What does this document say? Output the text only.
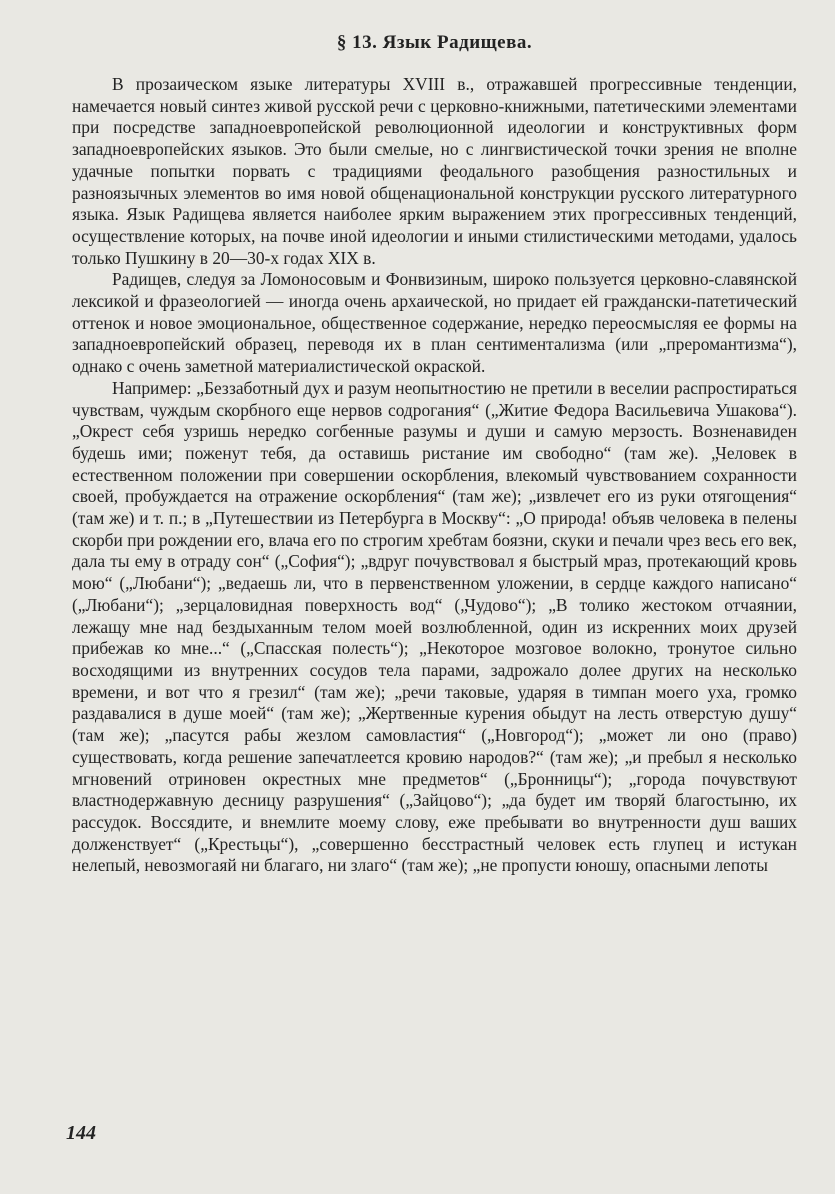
§ 13. Язык Радищева.

В прозаическом языке литературы XVIII в., отражавшей прогрессивные тенденции, намечается новый синтез живой русской речи с церковно-книжными, патетическими элементами при посредстве западноевропейской революционной идеологии и конструктивных форм западноевропейских языков. Это были смелые, но с лингвистической точки зрения не вполне удачные попытки порвать с традициями феодального разобщения разностильных и разноязычных элементов во имя новой общенациональной конструкции русского литературного языка. Язык Радищева является наиболее ярким выражением этих прогрессивных тенденций, осуществление которых, на почве иной идеологии и иными стилистическими методами, удалось только Пушкину в 20—30-х годах XIX в.

Радищев, следуя за Ломоносовым и Фонвизиным, широко пользуется церковно-славянской лексикой и фразеологией — иногда очень архаической, но придает ей граждански-патетический оттенок и новое эмоциональное, общественное содержание, нередко переосмысляя ее формы на западноевропейский образец, переводя их в план сентиментализма (или „преромантизма“), однако с очень заметной материалистической окраской.

Например: „Беззаботный дух и разум неопытностию не претили в веселии распростираться чувствам, чуждым скорбного еще нервов содрогания“ („Житие Федора Васильевича Ушакова“). „Окрест себя узришь нередко согбенные разумы и души и самую мерзость. Возненавиден будешь ими; поженут тебя, да оставишь ристание им свободно“ (там же). „Человек в естественном положении при совершении оскорбления, влекомый чувствованием сохранности своей, пробуждается на отражение оскорбления“ (там же); „извлечет его из руки отягощения“ (там же) и т. п.; в „Путешествии из Петербурга в Москву“: „О природа! объяв человека в пелены скорби при рождении его, влача его по строгим хребтам боязни, скуки и печали чрез весь его век, дала ты ему в отраду сон“ („София“); „вдруг почувствовал я быстрый мраз, протекающий кровь мою“ („Любани“); „ведаешь ли, что в первенственном уложении, в сердце каждого написано“ („Любани“); „зерцаловидная поверхность вод“ („Чудово“); „В толико жестоком отчаянии, лежащу мне над бездыханным телом моей возлюбленной, один из искренних моих друзей прибежав ко мне...“ („Спасская полесть“); „Некоторое мозговое волокно, тронутое сильно восходящими из внутренних сосудов тела парами, задрожало долее других на несколько времени, и вот что я грезил“ (там же); „речи таковые, ударяя в тимпан моего уха, громко раздавалися в душе моей“ (там же); „Жертвенные курения обыдут на лесть отверстую душу“ (там же); „пасутся рабы жезлом самовластия“ („Новгород“); „может ли оно (право) существовать, когда решение запечатлеется кровию народов?“ (там же); „и пребыл я несколько мгновений отринoвен окрестных мне предметов“ („Бронницы“); „города почувствуют властнодержавную десницу разрушения“ („Зайцово“); „да будет им творяй благостыню, их рассудок. Воссядите, и внемлите моему слову, еже пребывати во внутренности душ ваших долженствует“ („Крестьцы“), „совершенно бесстрастный человек есть глупец и истукан нелепый, невозмогаяй ни благаго, ни злаго“ (там же); „не пропусти юношу, опасными лепоты

144
